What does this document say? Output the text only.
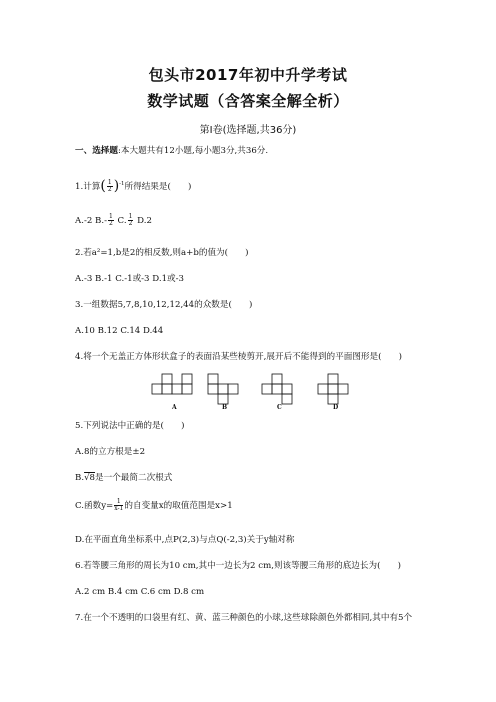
包头市2017年初中升学考试
数学试题（含答案全解全析）
第Ⅰ卷(选择题,共36分)
一、选择题:本大题共有12小题,每小题3分,共36分.
1.计算( $\frac{1}{2} )^{-1}$所得结果是(　　)
A.-2 $B.- \frac{1}{2} C$. $\frac{1}{2} D.2$
2.若a²=1,b是2的相反数,则a+b的值为(　　)
A.-3 B.-1 C.-1或-3 D.1或-3
3.一组数据5,7,8,10,12,12,44的众数是(　　)
A.10 B.12 C.14 D.44
4.将一个无盖正方体形状盒子的表面沿某些棱剪开,展开后不能得到的平面图形是(　　)
A	B	C	D
5.下列说法中正确的是(　　)
A.8的立方根是±2
B.√8是一个最简二次根式
C.函数$y= \frac{1}{x-1}$ 的自变量x的取值范围是x>1
D.在平面直角坐标系中,点P(2,3)与点Q(-2,3)关于y轴对称
6.若等腰三角形的周长为10 cm,其中一边长为2 cm,则该等腰三角形的底边长为(　　)
A.2 cm B.4 cm C.6 cm D.8 cm
7.在一个不透明的口袋里有红、黄、蓝三种颜色的小球,这些球除颜色外都相同,其中有5个
